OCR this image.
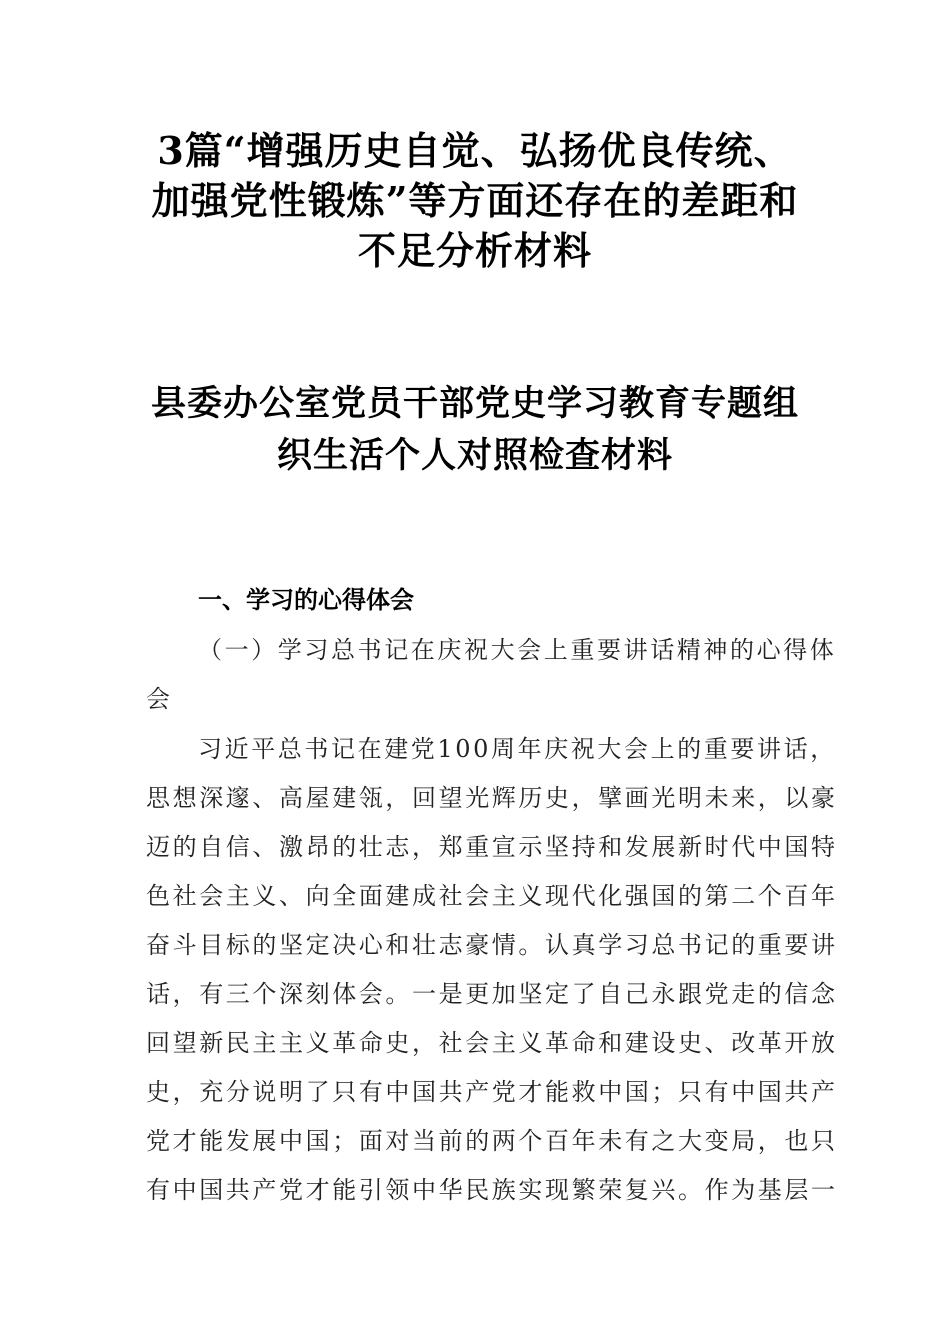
3篇“增强历史自觉、弘扬优良传统、
加强党性锻炼”等方面还存在的差距和
不足分析材料
县委办公室党员干部党史学习教育专题组
织生活个人对照检查材料
一、学习的心得体会
（一）学习总书记在庆祝大会上重要讲话精神的心得体
会
习近平总书记在建党100周年庆祝大会上的重要讲话，
思想深邃、高屋建瓴，回望光辉历史，擘画光明未来，以豪
迈的自信、激昂的壮志，郑重宣示坚持和发展新时代中国特
色社会主义、向全面建成社会主义现代化强国的第二个百年
奋斗目标的坚定决心和壮志豪情。认真学习总书记的重要讲
话，有三个深刻体会。一是更加坚定了自己永跟党走的信念
回望新民主主义革命史，社会主义革命和建设史、改革开放
史，充分说明了只有中国共产党才能救中国；只有中国共产
党才能发展中国；面对当前的两个百年未有之大变局，也只
有中国共产党才能引领中华民族实现繁荣复兴。作为基层一
